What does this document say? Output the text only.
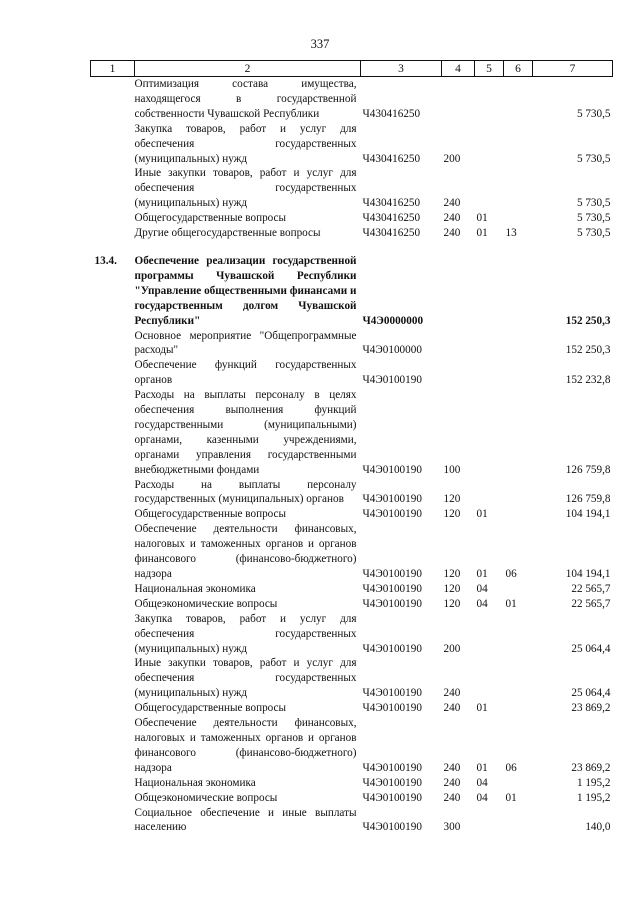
337
1	2	3	4	5	6	7
	Оптимизация состава имущества, находящегося в государственной собственности Чувашской Республики	Ч430416250				5 730,5
	Закупка товаров, работ и услуг для обеспечения государственных (муниципальных) нужд	Ч430416250	200			5 730,5
	Иные закупки товаров, работ и услуг для обеспечения государственных (муниципальных) нужд	Ч430416250	240			5 730,5
	Общегосударственные вопросы	Ч430416250	240	01		5 730,5
	Другие общегосударственные вопросы	Ч430416250	240	01	13	5 730,5

13.4.	Обеспечение реализации государственной программы Чувашской Республики "Управление общественными финансами и государственным долгом Чувашской Республики"	Ч4Э0000000				152 250,3
	Основное мероприятие "Общепрограммные расходы"	Ч4Э0100000				152 250,3
	Обеспечение функций государственных органов	Ч4Э0100190				152 232,8
	Расходы на выплаты персоналу в целях обеспечения выполнения функций государственными (муниципальными) органами, казенными учреждениями, органами управления государственными внебюджетными фондами	Ч4Э0100190	100			126 759,8
	Расходы на выплаты персоналу государственных (муниципальных) органов	Ч4Э0100190	120			126 759,8
	Общегосударственные вопросы	Ч4Э0100190	120	01		104 194,1
	Обеспечение деятельности финансовых, налоговых и таможенных органов и органов финансового (финансово-бюджетного) надзора	Ч4Э0100190	120	01	06	104 194,1
	Национальная экономика	Ч4Э0100190	120	04		22 565,7
	Общеэкономические вопросы	Ч4Э0100190	120	04	01	22 565,7
	Закупка товаров, работ и услуг для обеспечения государственных (муниципальных) нужд	Ч4Э0100190	200			25 064,4
	Иные закупки товаров, работ и услуг для обеспечения государственных (муниципальных) нужд	Ч4Э0100190	240			25 064,4
	Общегосударственные вопросы	Ч4Э0100190	240	01		23 869,2
	Обеспечение деятельности финансовых, налоговых и таможенных органов и органов финансового (финансово-бюджетного) надзора	Ч4Э0100190	240	01	06	23 869,2
	Национальная экономика	Ч4Э0100190	240	04		1 195,2
	Общеэкономические вопросы	Ч4Э0100190	240	04	01	1 195,2
	Социальное обеспечение и иные выплаты населению	Ч4Э0100190	300			140,0
